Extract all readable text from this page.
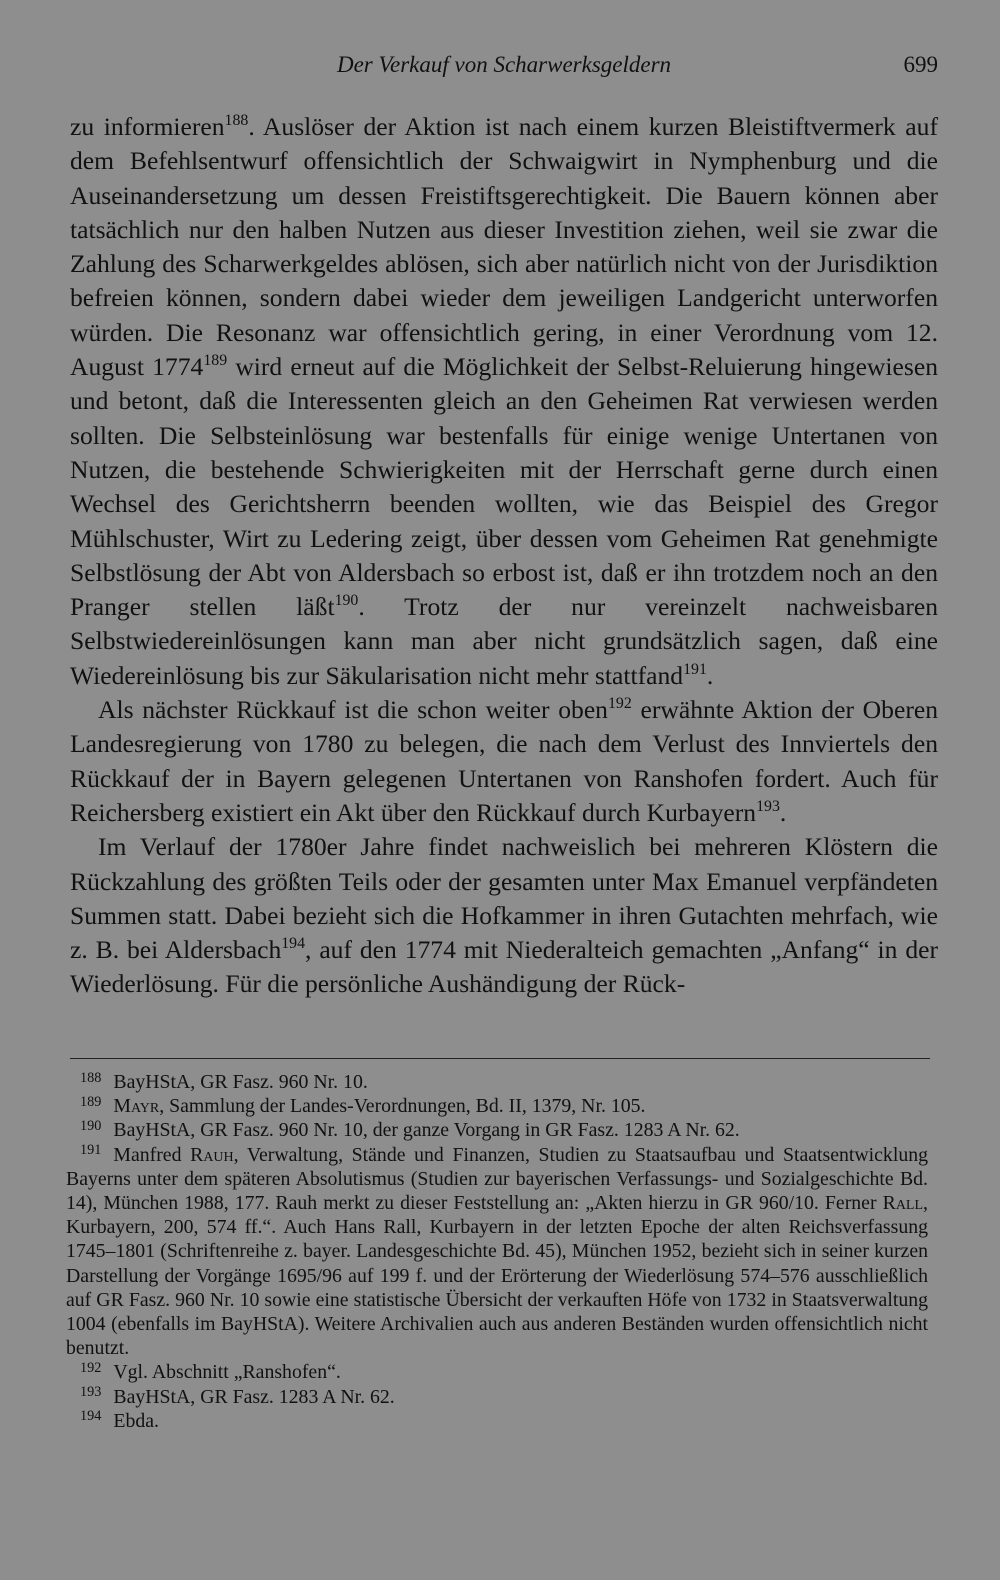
Der Verkauf von Scharwerksgeldern	699

zu informieren$^{188}$. Auslöser der Aktion ist nach einem kurzen Bleistiftvermerk auf dem Befehlsentwurf offensichtlich der Schwaigwirt in Nymphenburg und die Auseinandersetzung um dessen Freistiftsgerechtigkeit. Die Bauern können aber tatsächlich nur den halben Nutzen aus dieser Investition ziehen, weil sie zwar die Zahlung des Scharwerkgeldes ablösen, sich aber natürlich nicht von der Jurisdiktion befreien können, sondern dabei wieder dem jeweiligen Landgericht unterworfen würden. Die Resonanz war offensichtlich gering, in einer Verordnung vom 12. August 1774$^{189}$ wird erneut auf die Möglichkeit der Selbst-Reluierung hingewiesen und betont, daß die Interessenten gleich an den Geheimen Rat verwiesen werden sollten. Die Selbsteinlösung war bestenfalls für einige wenige Untertanen von Nutzen, die bestehende Schwierigkeiten mit der Herrschaft gerne durch einen Wechsel des Gerichtsherrn beenden wollten, wie das Beispiel des Gregor Mühlschuster, Wirt zu Ledering zeigt, über dessen vom Geheimen Rat genehmigte Selbstlösung der Abt von Aldersbach so erbost ist, daß er ihn trotzdem noch an den Pranger stellen läßt$^{190}$. Trotz der nur vereinzelt nachweisbaren Selbstwiedereinlösungen kann man aber nicht grundsätzlich sagen, daß eine Wiedereinlösung bis zur Säkularisation nicht mehr stattfand$^{191}$.

Als nächster Rückkauf ist die schon weiter oben$^{192}$ erwähnte Aktion der Oberen Landesregierung von 1780 zu belegen, die nach dem Verlust des Innviertels den Rückkauf der in Bayern gelegenen Untertanen von Ranshofen fordert. Auch für Reichersberg existiert ein Akt über den Rückkauf durch Kurbayern$^{193}$.

Im Verlauf der 1780er Jahre findet nachweislich bei mehreren Klöstern die Rückzahlung des größten Teils oder der gesamten unter Max Emanuel verpfändeten Summen statt. Dabei bezieht sich die Hofkammer in ihren Gutachten mehrfach, wie z. B. bei Aldersbach$^{194}$, auf den 1774 mit Niederalteich gemachten „Anfang“ in der Wiederlösung. Für die persönliche Aushändigung der Rück-

$^{188}$ BayHStA, GR Fasz. 960 Nr. 10.

$^{189}$ Mayr, Sammlung der Landes-Verordnungen, Bd. II, 1379, Nr. 105.

$^{190}$ BayHStA, GR Fasz. 960 Nr. 10, der ganze Vorgang in GR Fasz. 1283 A Nr. 62.

$^{191}$ Manfred Rauh, Verwaltung, Stände und Finanzen, Studien zu Staatsaufbau und Staatsentwicklung Bayerns unter dem späteren Absolutismus (Studien zur bayerischen Verfassungs- und Sozialgeschichte Bd. 14), München 1988, 177. Rauh merkt zu dieser Feststellung an: „Akten hierzu in GR 960/10. Ferner Rall, Kurbayern, 200, 574 ff.“. Auch Hans Rall, Kurbayern in der letzten Epoche der alten Reichsverfassung 1745–1801 (Schriftenreihe z. bayer. Landesgeschichte Bd. 45), München 1952, bezieht sich in seiner kurzen Darstellung der Vorgänge 1695/96 auf 199 f. und der Erörterung der Wiederlösung 574–576 ausschließlich auf GR Fasz. 960 Nr. 10 sowie eine statistische Übersicht der verkauften Höfe von 1732 in Staatsverwaltung 1004 (ebenfalls im BayHStA). Weitere Archivalien auch aus anderen Beständen wurden offensichtlich nicht benutzt.

$^{192}$ Vgl. Abschnitt „Ranshofen“.

$^{193}$ BayHStA, GR Fasz. 1283 A Nr. 62.

$^{194}$ Ebda.
